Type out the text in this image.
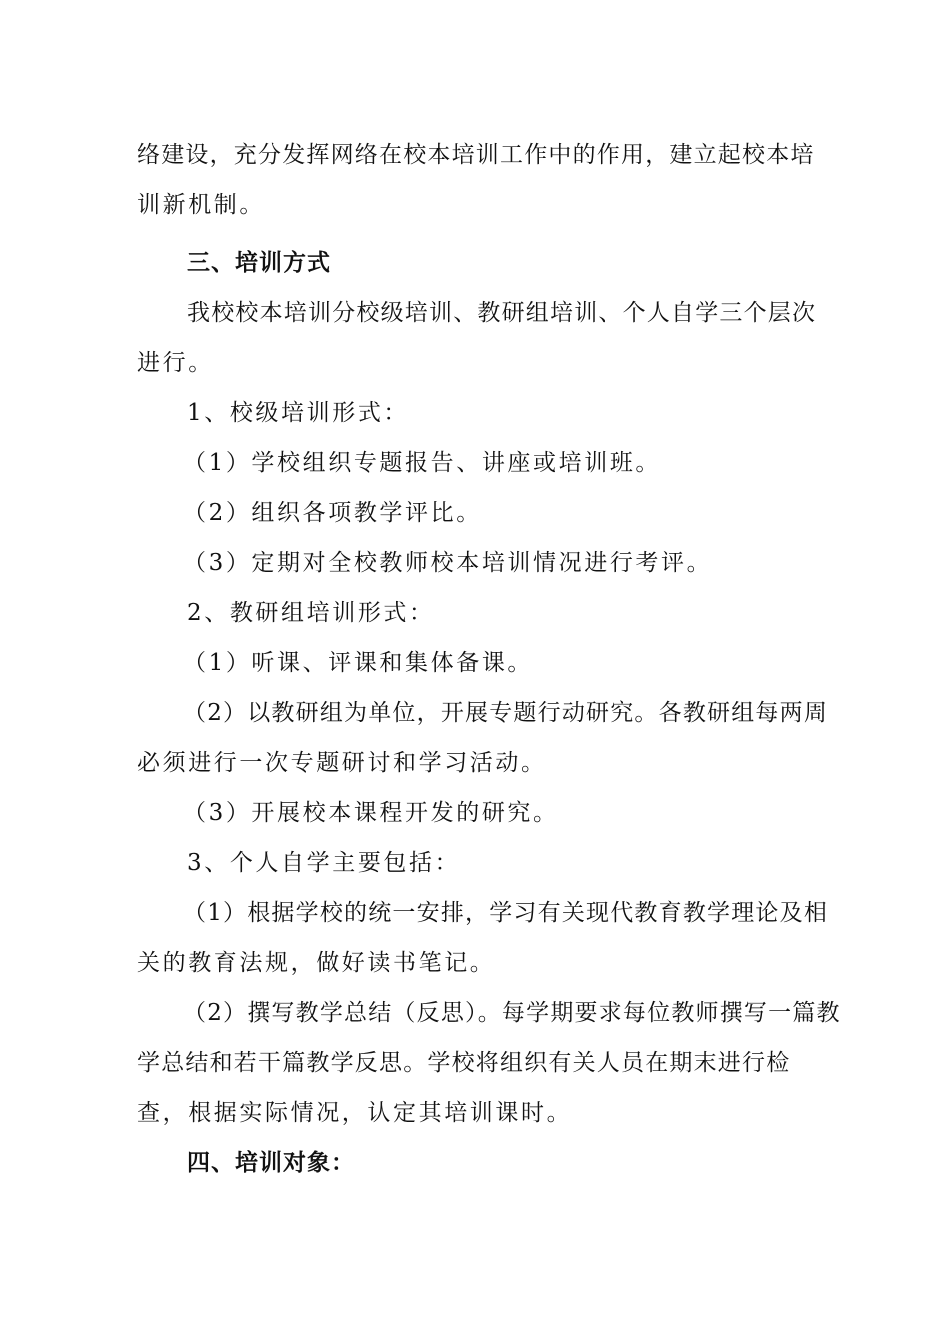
络建设，充分发挥网络在校本培训工作中的作用，建立起校本培
训新机制。
三、培训方式
我校校本培训分校级培训、教研组培训、个人自学三个层次
进行。
1、校级培训形式：
（1）学校组织专题报告、讲座或培训班。
（2）组织各项教学评比。
（3）定期对全校教师校本培训情况进行考评。
2、教研组培训形式：
（1）听课、评课和集体备课。
（2）以教研组为单位，开展专题行动研究。各教研组每两周
必须进行一次专题研讨和学习活动。
（3）开展校本课程开发的研究。
3、个人自学主要包括：
（1）根据学校的统一安排，学习有关现代教育教学理论及相
关的教育法规，做好读书笔记。
（2）撰写教学总结（反思）。每学期要求每位教师撰写一篇教
学总结和若干篇教学反思。学校将组织有关人员在期末进行检
查，根据实际情况，认定其培训课时。
四、培训对象：
